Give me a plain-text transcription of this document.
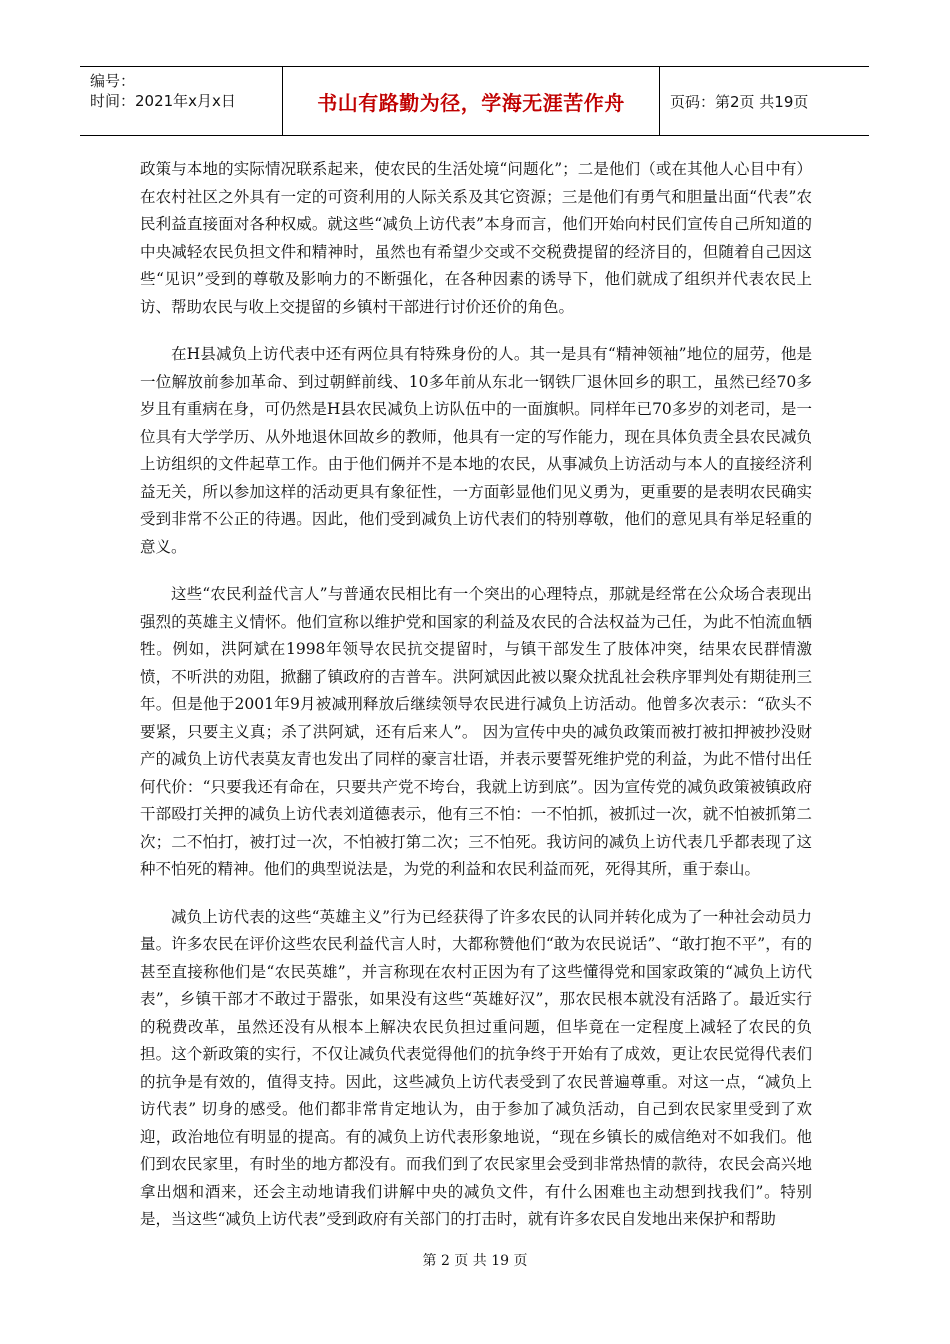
编号：
时间：2021年x月x日	书山有路勤为径，学海无涯苦作舟	页码：第2页 共19页

政策与本地的实际情况联系起来，使农民的生活处境“问题化”；二是他们（或在其他人心目中有）在农村社区之外具有一定的可资利用的人际关系及其它资源；三是他们有勇气和胆量出面“代表”农民利益直接面对各种权威。就这些“减负上访代表”本身而言，他们开始向村民们宣传自己所知道的中央减轻农民负担文件和精神时，虽然也有希望少交或不交税费提留的经济目的，但随着自己因这些“见识”受到的尊敬及影响力的不断强化，在各种因素的诱导下，他们就成了组织并代表农民上访、帮助农民与收上交提留的乡镇村干部进行讨价还价的角色。

在H县减负上访代表中还有两位具有特殊身份的人。其一是具有“精神领袖”地位的屈劳，他是一位解放前参加革命、到过朝鲜前线、10多年前从东北一钢铁厂退休回乡的职工，虽然已经70多岁且有重病在身，可仍然是H县农民减负上访队伍中的一面旗帜。同样年已70多岁的刘老司，是一位具有大学学历、从外地退休回故乡的教师，他具有一定的写作能力，现在具体负责全县农民减负上访组织的文件起草工作。由于他们俩并不是本地的农民，从事减负上访活动与本人的直接经济利益无关，所以参加这样的活动更具有象征性，一方面彰显他们见义勇为，更重要的是表明农民确实受到非常不公正的待遇。因此，他们受到减负上访代表们的特别尊敬，他们的意见具有举足轻重的意义。

这些“农民利益代言人”与普通农民相比有一个突出的心理特点，那就是经常在公众场合表现出强烈的英雄主义情怀。他们宣称以维护党和国家的利益及农民的合法权益为己任，为此不怕流血牺牲。例如，洪阿斌在1998年领导农民抗交提留时，与镇干部发生了肢体冲突，结果农民群情激愤，不听洪的劝阻，掀翻了镇政府的吉普车。洪阿斌因此被以聚众扰乱社会秩序罪判处有期徒刑三年。但是他于2001年9月被减刑释放后继续领导农民进行减负上访活动。他曾多次表示：“砍头不要紧，只要主义真；杀了洪阿斌，还有后来人”。 因为宣传中央的减负政策而被打被扣押被抄没财产的减负上访代表莫友青也发出了同样的豪言壮语，并表示要誓死维护党的利益，为此不惜付出任何代价：“只要我还有命在，只要共产党不垮台，我就上访到底”。因为宣传党的减负政策被镇政府干部殴打关押的减负上访代表刘道德表示，他有三不怕：一不怕抓，被抓过一次，就不怕被抓第二次；二不怕打，被打过一次，不怕被打第二次；三不怕死。我访问的减负上访代表几乎都表现了这种不怕死的精神。他们的典型说法是，为党的利益和农民利益而死，死得其所，重于泰山。

减负上访代表的这些“英雄主义”行为已经获得了许多农民的认同并转化成为了一种社会动员力量。许多农民在评价这些农民利益代言人时，大都称赞他们“敢为农民说话”、“敢打抱不平”，有的甚至直接称他们是“农民英雄”，并言称现在农村正因为有了这些懂得党和国家政策的“减负上访代表”，乡镇干部才不敢过于嚣张，如果没有这些“英雄好汉”，那农民根本就没有活路了。最近实行的税费改革，虽然还没有从根本上解决农民负担过重问题，但毕竟在一定程度上减轻了农民的负担。这个新政策的实行，不仅让减负代表觉得他们的抗争终于开始有了成效，更让农民觉得代表们的抗争是有效的，值得支持。因此，这些减负上访代表受到了农民普遍尊重。对这一点，“减负上访代表” 切身的感受。他们都非常肯定地认为，由于参加了减负活动，自己到农民家里受到了欢迎，政治地位有明显的提高。有的减负上访代表形象地说，“现在乡镇长的威信绝对不如我们。他们到农民家里，有时坐的地方都没有。而我们到了农民家里会受到非常热情的款待，农民会高兴地拿出烟和酒来，还会主动地请我们讲解中央的减负文件，有什么困难也主动想到找我们”。特别是，当这些“减负上访代表”受到政府有关部门的打击时，就有许多农民自发地出来保护和帮助

第 2 页 共 19 页
